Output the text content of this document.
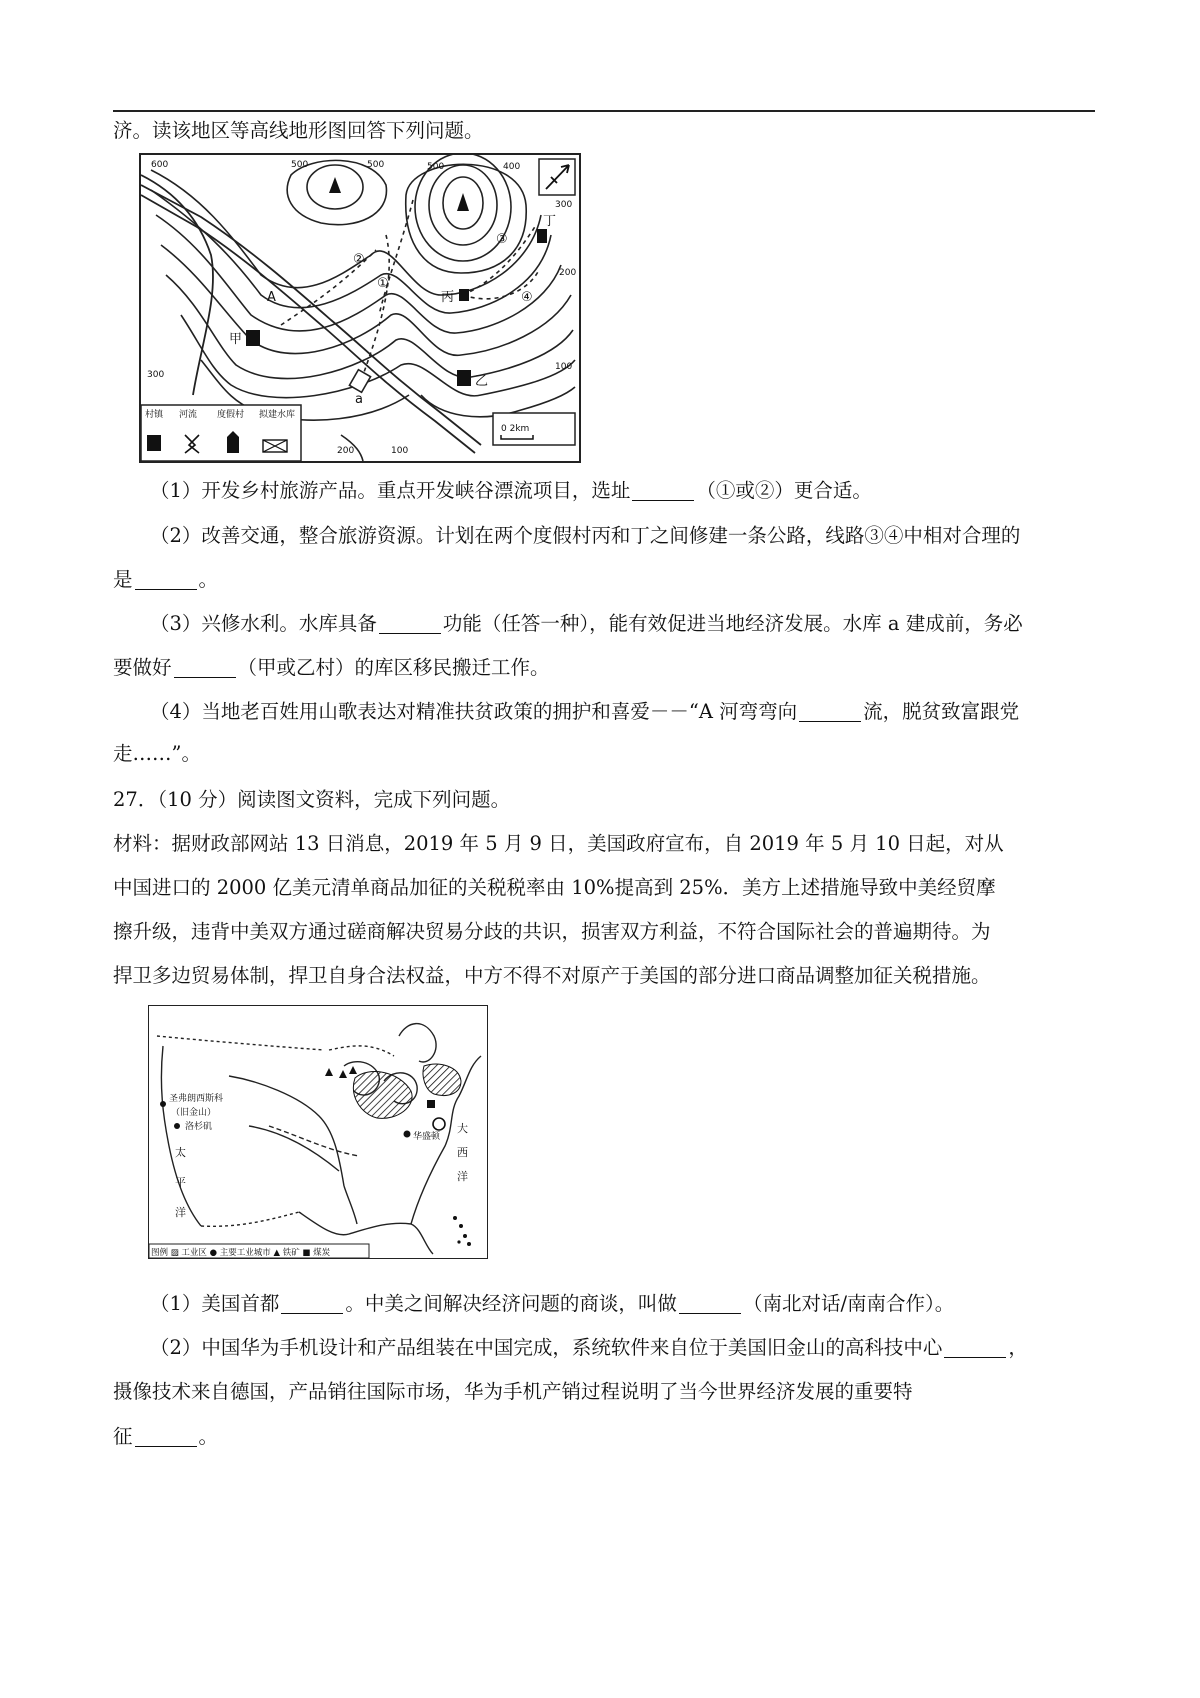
济。读该地区等高线地形图回答下列问题。
600	500	500	500	400
300
200
100
300
200	100
A
a
甲
乙
丙
丁
①
②
③
④
村镇 河流 度假村 拟建水库
0 2km
（1）开发乡村旅游产品。重点开发峡谷漂流项目，选址	（①或②）更合适。
（2）改善交通，整合旅游资源。计划在两个度假村丙和丁之间修建一条公路，线路③④中相对合理的
是	。
（3）兴修水利。水库具备	功能（任答一种），能有效促进当地经济发展。水库 a 建成前，务必
要做好	（甲或乙村）的库区移民搬迁工作。
（4）当地老百姓用山歌表达对精准扶贫政策的拥护和喜爱－－“A 河弯弯向	流，脱贫致富跟党
走……”。
27．（10 分）阅读图文资料，完成下列问题。
材料：据财政部网站 13 日消息，2019 年 5 月 9 日，美国政府宣布，自 2019 年 5 月 10 日起，对从
中国进口的 2000 亿美元清单商品加征的关税税率由 10%提高到 25%．美方上述措施导致中美经贸摩
擦升级，违背中美双方通过磋商解决贸易分歧的共识，损害双方利益，不符合国际社会的普遍期待。为
捍卫多边贸易体制，捍卫自身合法权益，中方不得不对原产于美国的部分进口商品调整加征关税措施。
圣弗朗西斯科
（旧金山）
洛杉矶
华盛顿
太
平
洋
大
西
洋
图例 ▨ 工业区 ● 主要工业城市 ▲ 铁矿 ■ 煤炭
（1）美国首都	。中美之间解决经济问题的商谈，叫做	（南北对话/南南合作）。
（2）中国华为手机设计和产品组装在中国完成，系统软件来自位于美国旧金山的高科技中心	，
摄像技术来自德国，产品销往国际市场，华为手机产销过程说明了当今世界经济发展的重要特
征	。
